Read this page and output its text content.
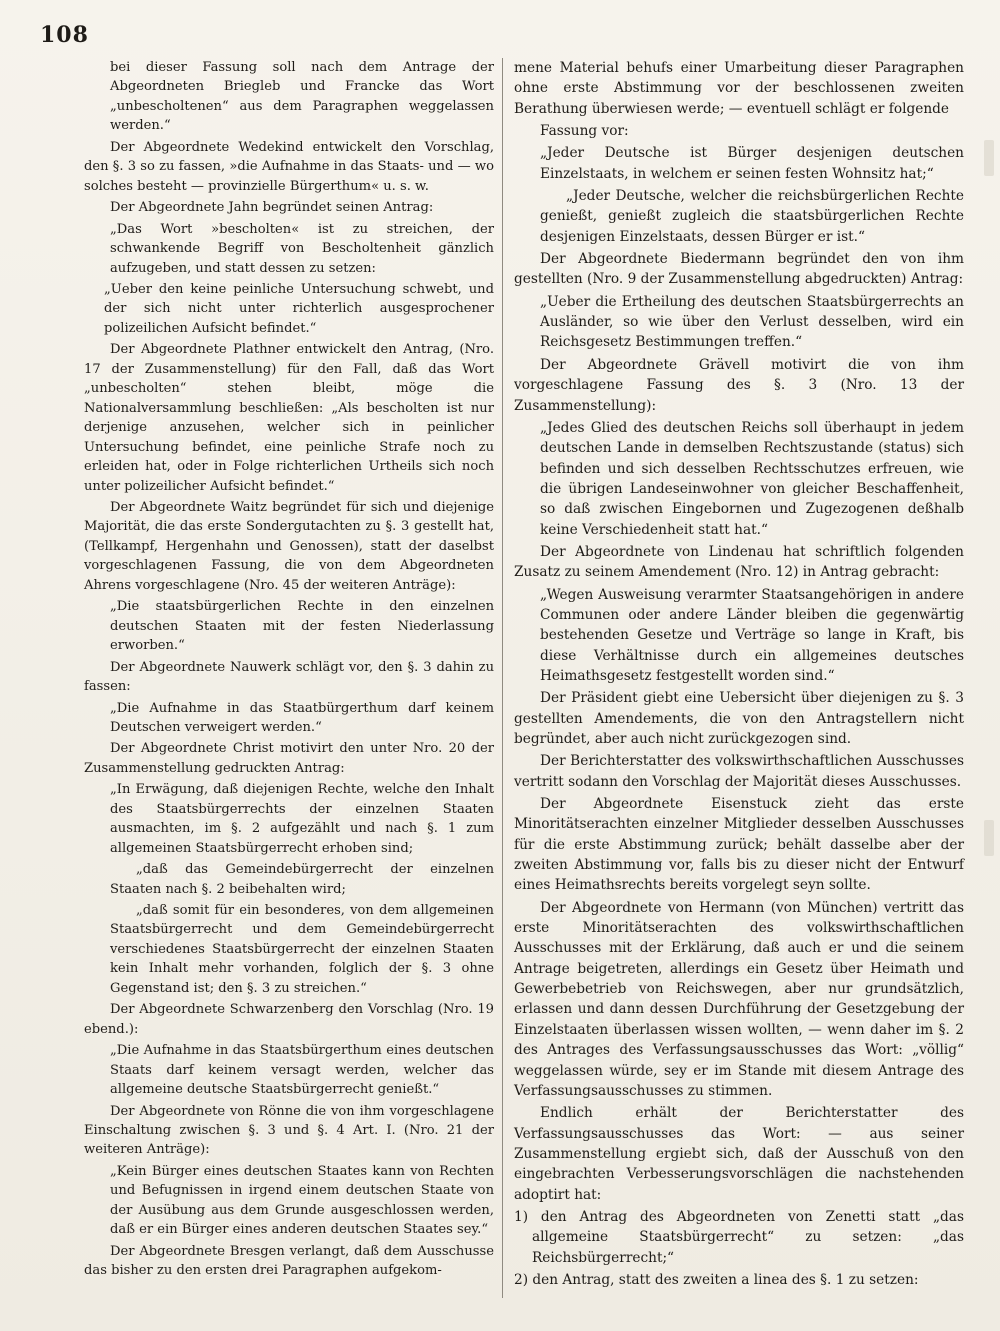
108

bei dieser Fassung soll nach dem Antrage der Abgeordneten Briegleb und Francke das Wort „unbescholtenen“ aus dem Paragraphen weggelassen werden.“

Der Abgeordnete Wedekind entwickelt den Vorschlag, den §. 3 so zu fassen, »die Aufnahme in das Staats- und — wo solches besteht — provinzielle Bürgerthum« u. s. w.

Der Abgeordnete Jahn begründet seinen Antrag:

„Das Wort »bescholten« ist zu streichen, der schwankende Begriff von Bescholtenheit gänzlich aufzugeben, und statt dessen zu setzen:

„Ueber den keine peinliche Untersuchung schwebt, und der sich nicht unter richterlich ausgesprochener polizeilichen Aufsicht befindet.“

Der Abgeordnete Plathner entwickelt den Antrag, (Nro. 17 der Zusammenstellung) für den Fall, daß das Wort „unbescholten“ stehen bleibt, möge die Nationalversammlung beschließen: „Als bescholten ist nur derjenige anzusehen, welcher sich in peinlicher Untersuchung befindet, eine peinliche Strafe noch zu erleiden hat, oder in Folge richterlichen Urtheils sich noch unter polizeilicher Aufsicht befindet.“

Der Abgeordnete Waitz begründet für sich und diejenige Majorität, die das erste Sondergutachten zu §. 3 gestellt hat, (Tellkampf, Hergenhahn und Genossen), statt der daselbst vorgeschlagenen Fassung, die von dem Abgeordneten Ahrens vorgeschlagene (Nro. 45 der weiteren Anträge):

„Die staatsbürgerlichen Rechte in den einzelnen deutschen Staaten mit der festen Niederlassung erworben.“

Der Abgeordnete Nauwerk schlägt vor, den §. 3 dahin zu fassen:

„Die Aufnahme in das Staatbürgerthum darf keinem Deutschen verweigert werden.“

Der Abgeordnete Christ motivirt den unter Nro. 20 der Zusammenstellung gedruckten Antrag:

„In Erwägung, daß diejenigen Rechte, welche den Inhalt des Staatsbürgerrechts der einzelnen Staaten ausmachten, im §. 2 aufgezählt und nach §. 1 zum allgemeinen Staatsbürgerrecht erhoben sind;

„daß das Gemeindebürgerrecht der einzelnen Staaten nach §. 2 beibehalten wird;

„daß somit für ein besonderes, von dem allgemeinen Staatsbürgerrecht und dem Gemeindebürgerrecht verschiedenes Staatsbürgerrecht der einzelnen Staaten kein Inhalt mehr vorhanden, folglich der §. 3 ohne Gegenstand ist; den §. 3 zu streichen.“

Der Abgeordnete Schwarzenberg den Vorschlag (Nro. 19 ebend.):

„Die Aufnahme in das Staatsbürgerthum eines deutschen Staats darf keinem versagt werden, welcher das allgemeine deutsche Staatsbürgerrecht genießt.“

Der Abgeordnete von Rönne die von ihm vorgeschlagene Einschaltung zwischen §. 3 und §. 4 Art. I. (Nro. 21 der weiteren Anträge):

„Kein Bürger eines deutschen Staates kann von Rechten und Befugnissen in irgend einem deutschen Staate von der Ausübung aus dem Grunde ausgeschlossen werden, daß er ein Bürger eines anderen deutschen Staates sey.“

Der Abgeordnete Bresgen verlangt, daß dem Ausschusse das bisher zu den ersten drei Paragraphen aufgekom-

mene Material behufs einer Umarbeitung dieser Paragraphen ohne erste Abstimmung vor der beschlossenen zweiten Berathung überwiesen werde; — eventuell schlägt er folgende

Fassung vor:

„Jeder Deutsche ist Bürger desjenigen deutschen Einzelstaats, in welchem er seinen festen Wohnsitz hat;“

„Jeder Deutsche, welcher die reichsbürgerlichen Rechte genießt, genießt zugleich die staatsbürgerlichen Rechte desjenigen Einzelstaats, dessen Bürger er ist.“

Der Abgeordnete Biedermann begründet den von ihm gestellten (Nro. 9 der Zusammenstellung abgedruckten) Antrag:

„Ueber die Ertheilung des deutschen Staatsbürgerrechts an Ausländer, so wie über den Verlust desselben, wird ein Reichsgesetz Bestimmungen treffen.“

Der Abgeordnete Grävell motivirt die von ihm vorgeschlagene Fassung des §. 3 (Nro. 13 der Zusammenstellung):

„Jedes Glied des deutschen Reichs soll überhaupt in jedem deutschen Lande in demselben Rechtszustande (status) sich befinden und sich desselben Rechtsschutzes erfreuen, wie die übrigen Landeseinwohner von gleicher Beschaffenheit, so daß zwischen Eingebornen und Zugezogenen deßhalb keine Verschiedenheit statt hat.“

Der Abgeordnete von Lindenau hat schriftlich folgenden Zusatz zu seinem Amendement (Nro. 12) in Antrag gebracht:

„Wegen Ausweisung verarmter Staatsangehörigen in andere Communen oder andere Länder bleiben die gegenwärtig bestehenden Gesetze und Verträge so lange in Kraft, bis diese Verhältnisse durch ein allgemeines deutsches Heimathsgesetz festgestellt worden sind.“

Der Präsident giebt eine Uebersicht über diejenigen zu §. 3 gestellten Amendements, die von den Antragstellern nicht begründet, aber auch nicht zurückgezogen sind.

Der Berichterstatter des volkswirthschaftlichen Ausschusses vertritt sodann den Vorschlag der Majorität dieses Ausschusses.

Der Abgeordnete Eisenstuck zieht das erste Minoritätserachten einzelner Mitglieder desselben Ausschusses für die erste Abstimmung zurück; behält dasselbe aber der zweiten Abstimmung vor, falls bis zu dieser nicht der Entwurf eines Heimathsrechts bereits vorgelegt seyn sollte.

Der Abgeordnete von Hermann (von München) vertritt das erste Minoritätserachten des volkswirthschaftlichen Ausschusses mit der Erklärung, daß auch er und die seinem Antrage beigetreten, allerdings ein Gesetz über Heimath und Gewerbebetrieb von Reichswegen, aber nur grundsätzlich, erlassen und dann dessen Durchführung der Gesetzgebung der Einzelstaaten überlassen wissen wollten, — wenn daher im §. 2 des Antrages des Verfassungsausschusses das Wort: „völlig“ weggelassen würde, sey er im Stande mit diesem Antrage des Verfassungsausschusses zu stimmen.

Endlich erhält der Berichterstatter des Verfassungsausschusses das Wort: — aus seiner Zusammenstellung ergiebt sich, daß der Ausschuß von den eingebrachten Verbesserungsvorschlägen die nachstehenden adoptirt hat:

1) den Antrag des Abgeordneten von Zenetti statt „das allgemeine Staatsbürgerrecht“ zu setzen: „das Reichsbürgerrecht;“

2) den Antrag, statt des zweiten a linea des §. 1 zu setzen:
